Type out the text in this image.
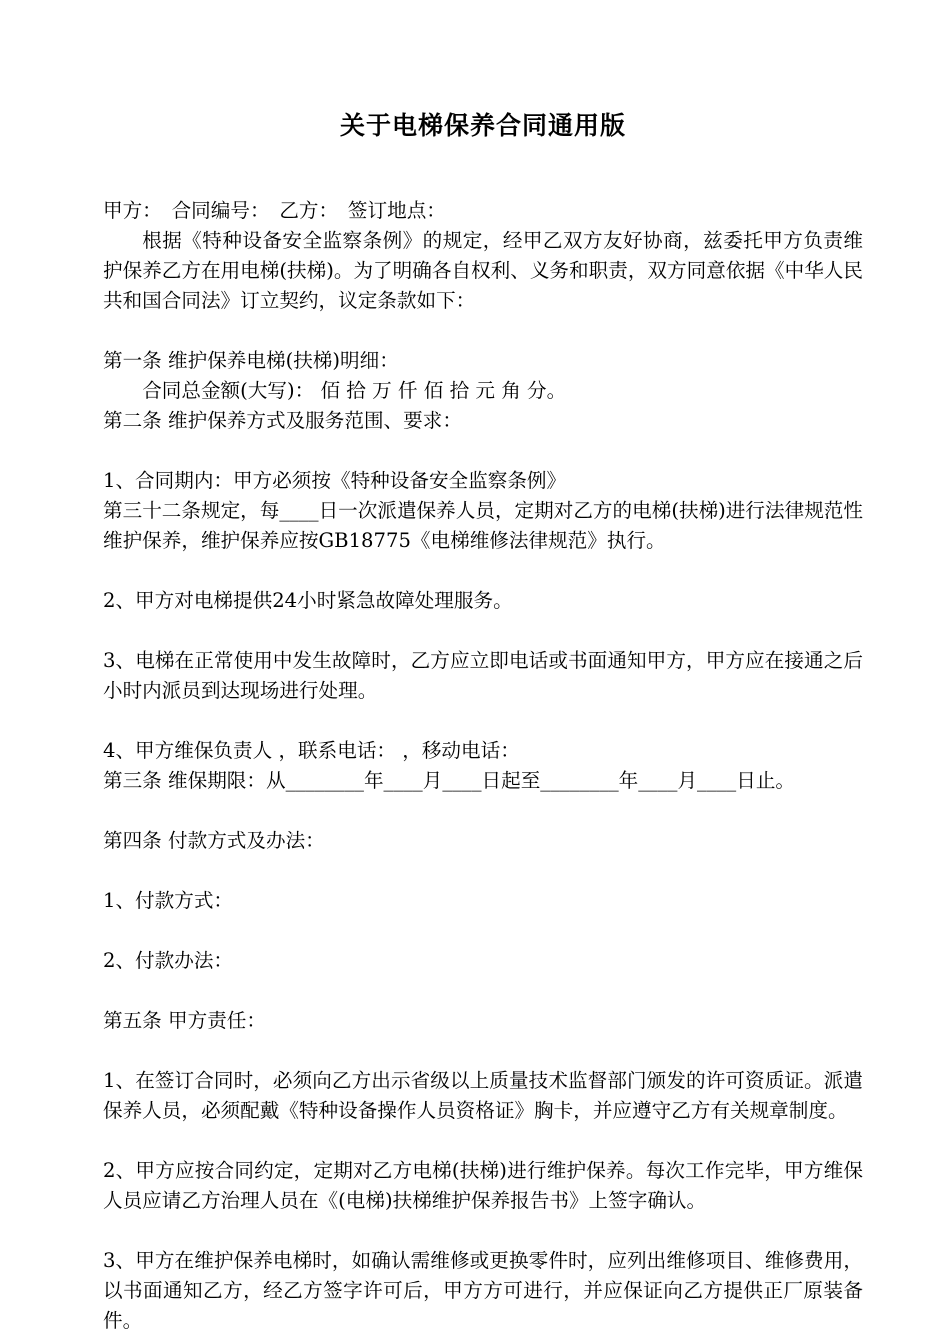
关于电梯保养合同通用版

甲方：　合同编号：　乙方：　签订地点：

根据《特种设备安全监察条例》的规定，经甲乙双方友好协商，兹委托甲方负责维护保养乙方在用电梯(扶梯)。为了明确各自权利、义务和职责，双方同意依据《中华人民共和国合同法》订立契约，议定条款如下：

第一条 维护保养电梯(扶梯)明细：

合同总金额(大写)： 佰 拾 万 仟 佰 拾 元 角 分。

第二条 维护保养方式及服务范围、要求：

1、合同期内：甲方必须按《特种设备安全监察条例》

第三十二条规定，每____日一次派遣保养人员，定期对乙方的电梯(扶梯)进行法律规范性维护保养，维护保养应按GB18775《电梯维修法律规范》执行。

2、甲方对电梯提供24小时紧急故障处理服务。

3、电梯在正常使用中发生故障时，乙方应立即电话或书面通知甲方，甲方应在接通之后 小时内派员到达现场进行处理。

4、甲方维保负责人 ，联系电话： ，移动电话：

第三条 维保期限：从________年____月____日起至________年____月____日止。

第四条 付款方式及办法：

1、付款方式：

2、付款办法：

第五条 甲方责任：

1、在签订合同时，必须向乙方出示省级以上质量技术监督部门颁发的许可资质证。派遣保养人员，必须配戴《特种设备操作人员资格证》胸卡，并应遵守乙方有关规章制度。

2、甲方应按合同约定，定期对乙方电梯(扶梯)进行维护保养。每次工作完毕，甲方维保人员应请乙方治理人员在《(电梯)扶梯维护保养报告书》上签字确认。

3、甲方在维护保养电梯时，如确认需维修或更换零件时，应列出维修项目、维修费用，以书面通知乙方，经乙方签字许可后，甲方方可进行，并应保证向乙方提供正厂原装备件。
